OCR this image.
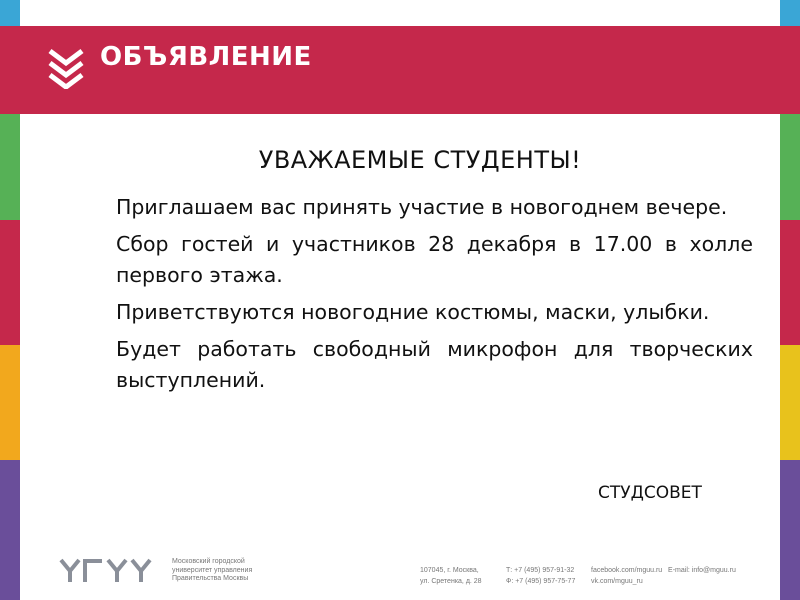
ОБЪЯВЛЕНИЕ
УВАЖАЕМЫЕ СТУДЕНТЫ!

Приглашаем вас принять участие в новогоднем вечере.

Сбор гостей и участников 28 декабря в 17.00 в холле первого этажа.

Приветствуются новогодние костюмы, маски, улыбки.

Будет работать свободный микрофон для творческих выступлений.

СТУДСОВЕТ
Московский городской
университет управления
Правительства Москвы
107045, г. Москва,
ул. Сретенка, д. 28
Т: +7 (495) 957-91-32
Ф: +7 (495) 957-75-77
facebook.com/mguu.ru E-mail: info@mguu.ru
vk.com/mguu_ru
